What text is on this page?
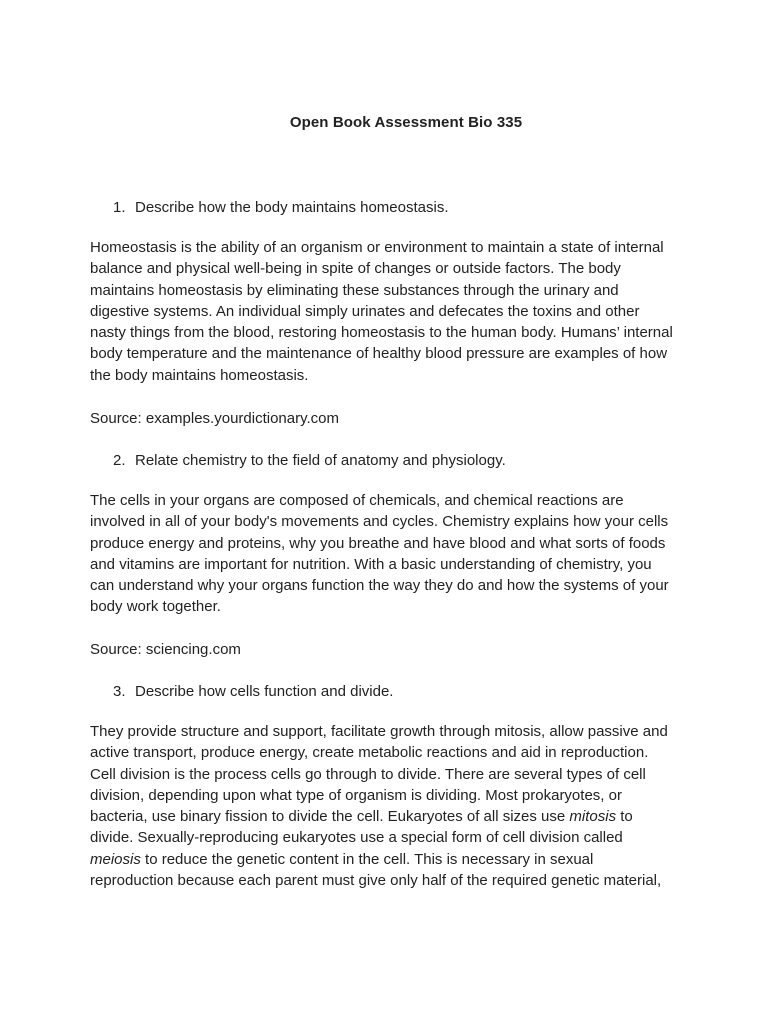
Open Book Assessment Bio 335
1. Describe how the body maintains homeostasis.
Homeostasis is the ability of an organism or environment to maintain a state of internal
balance and physical well-being in spite of changes or outside factors. The body
maintains homeostasis by eliminating these substances through the urinary and
digestive systems. An individual simply urinates and defecates the toxins and other
nasty things from the blood, restoring homeostasis to the human body. Humans’ internal
body temperature and the maintenance of healthy blood pressure are examples of how
the body maintains homeostasis.
Source: examples.yourdictionary.com
2. Relate chemistry to the field of anatomy and physiology.
The cells in your organs are composed of chemicals, and chemical reactions are
involved in all of your body's movements and cycles. Chemistry explains how your cells
produce energy and proteins, why you breathe and have blood and what sorts of foods
and vitamins are important for nutrition. With a basic understanding of chemistry, you
can understand why your organs function the way they do and how the systems of your
body work together.
Source: sciencing.com
3. Describe how cells function and divide.
They provide structure and support, facilitate growth through mitosis, allow passive and
active transport, produce energy, create metabolic reactions and aid in reproduction.
Cell division is the process cells go through to divide. There are several types of cell
division, depending upon what type of organism is dividing. Most prokaryotes, or
bacteria, use binary fission to divide the cell. Eukaryotes of all sizes use mitosis to
divide. Sexually-reproducing eukaryotes use a special form of cell division called
meiosis to reduce the genetic content in the cell. This is necessary in sexual
reproduction because each parent must give only half of the required genetic material,
